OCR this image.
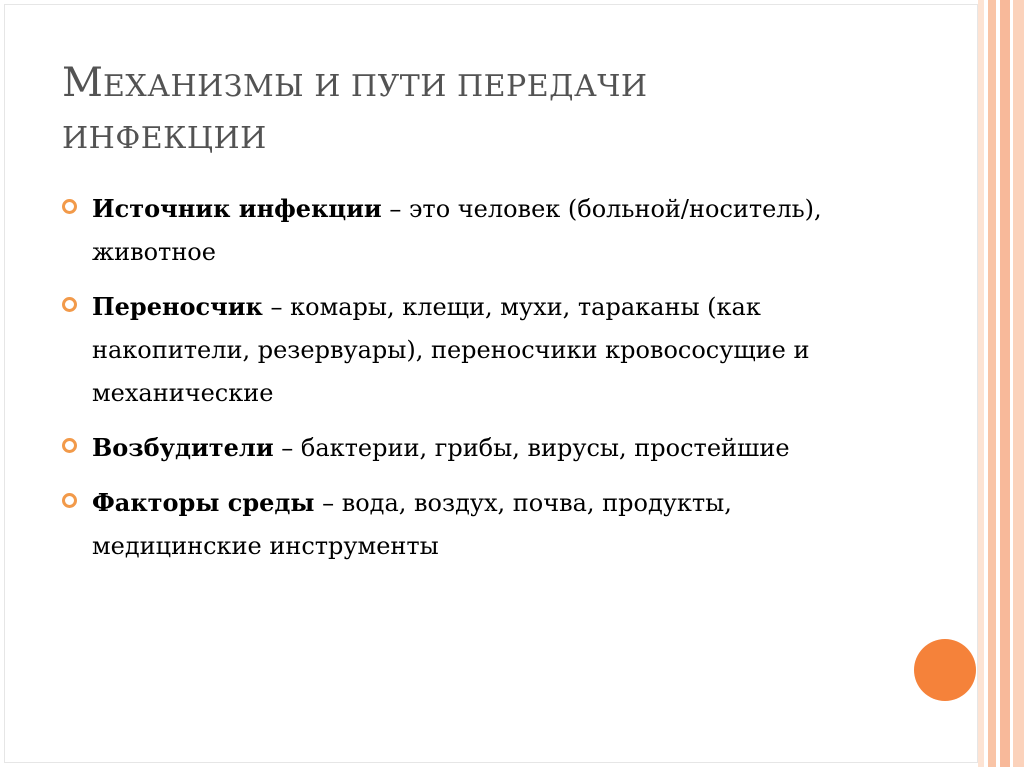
МЕХАНИЗМЫ И ПУТИ ПЕРЕДАЧИ
ИНФЕКЦИИ
Источник инфекции – это человек (больной/носитель), животное
Переносчик – комары, клещи, мухи, тараканы (как накопители, резервуары), переносчики кровососущие и механические
Возбудители – бактерии, грибы, вирусы, простейшие
Факторы среды – вода, воздух, почва, продукты, медицинские инструменты
